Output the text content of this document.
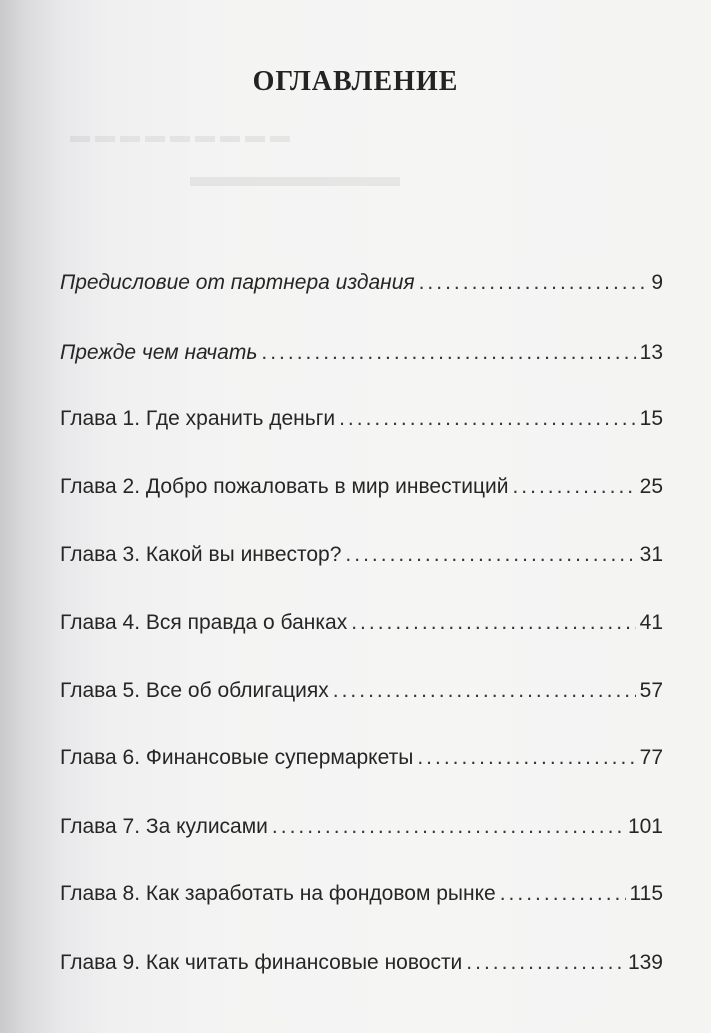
▬▬▬▬▬▬▬
▬ ▬ ▬ ▬ ▬ ▬ ▬ ▬ ▬
ОГЛАВЛЕНИЕ
Предисловие от партнера издания .....	9
Прежде чем начать .....	13
Глава 1. Где хранить деньги .....	15
Глава 2. Добро пожаловать в мир инвестиций .....	25
Глава 3. Какой вы инвестор? .....	31
Глава 4. Вся правда о банках .....	41
Глава 5. Все об облигациях .....	57
Глава 6. Финансовые супермаркеты .....	77
Глава 7. За кулисами .....	101
Глава 8. Как заработать на фондовом рынке .....	115
Глава 9. Как читать финансовые новости .....	139
